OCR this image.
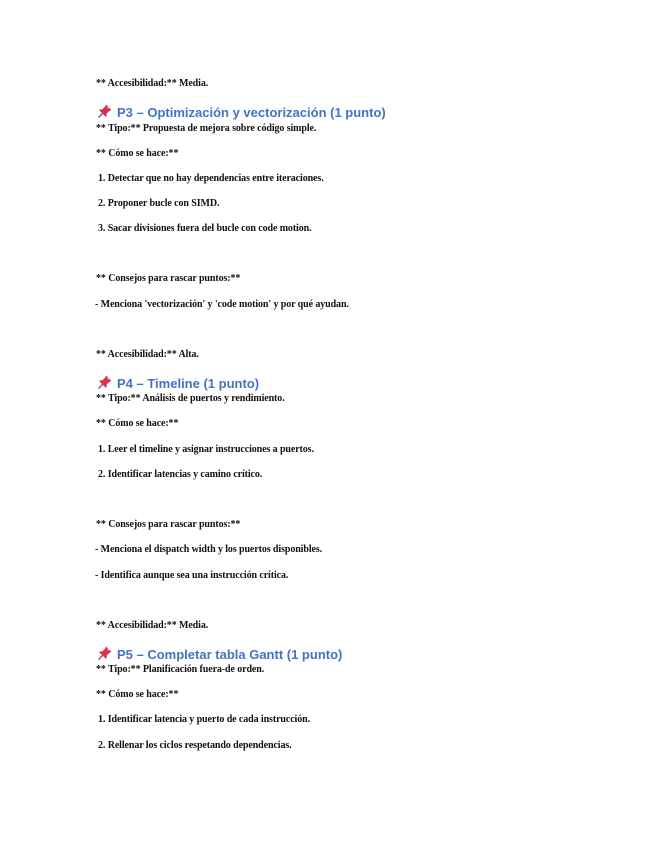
** Accesibilidad:** Media.
P3 – Optimización y vectorización (1 punto)
** Tipo:** Propuesta de mejora sobre código simple.
** Cómo se hace:**
1. Detectar que no hay dependencias entre iteraciones.
2. Proponer bucle con SIMD.
3. Sacar divisiones fuera del bucle con code motion.
** Consejos para rascar puntos:**
- Menciona 'vectorización' y 'code motion' y por qué ayudan.
** Accesibilidad:** Alta.
P4 – Timeline (1 punto)
** Tipo:** Análisis de puertos y rendimiento.
** Cómo se hace:**
1. Leer el timeline y asignar instrucciones a puertos.
2. Identificar latencias y camino crítico.
** Consejos para rascar puntos:**
- Menciona el dispatch width y los puertos disponibles.
- Identifica aunque sea una instrucción crítica.
** Accesibilidad:** Media.
P5 – Completar tabla Gantt (1 punto)
** Tipo:** Planificación fuera-de orden.
** Cómo se hace:**
1. Identificar latencia y puerto de cada instrucción.
2. Rellenar los ciclos respetando dependencias.
